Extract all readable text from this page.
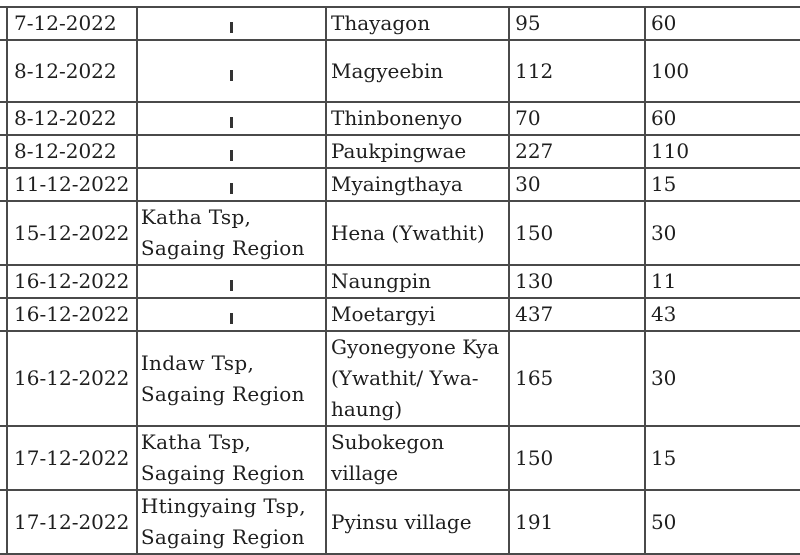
	7-12-2022		Thayagon	95	60
	8-12-2022		Magyeebin	112	100
	8-12-2022		Thinbonenyo	70	60
	8-12-2022		Paukpingwae	227	110
	11-12-2022		Myaingthaya	30	15
	15-12-2022	Katha Tsp, Sagaing Region	Hena (Ywathit)	150	30
	16-12-2022		Naungpin	130	11
	16-12-2022		Moetargyi	437	43
	16-12-2022	Indaw Tsp, Sagaing Region	Gyonegyone Kya (Ywathit/ Ywa-haung)	165	30
	17-12-2022	Katha Tsp, Sagaing Region	Subokegon village	150	15
	17-12-2022	Htingyaing Tsp, Sagaing Region	Pyinsu village	191	50
